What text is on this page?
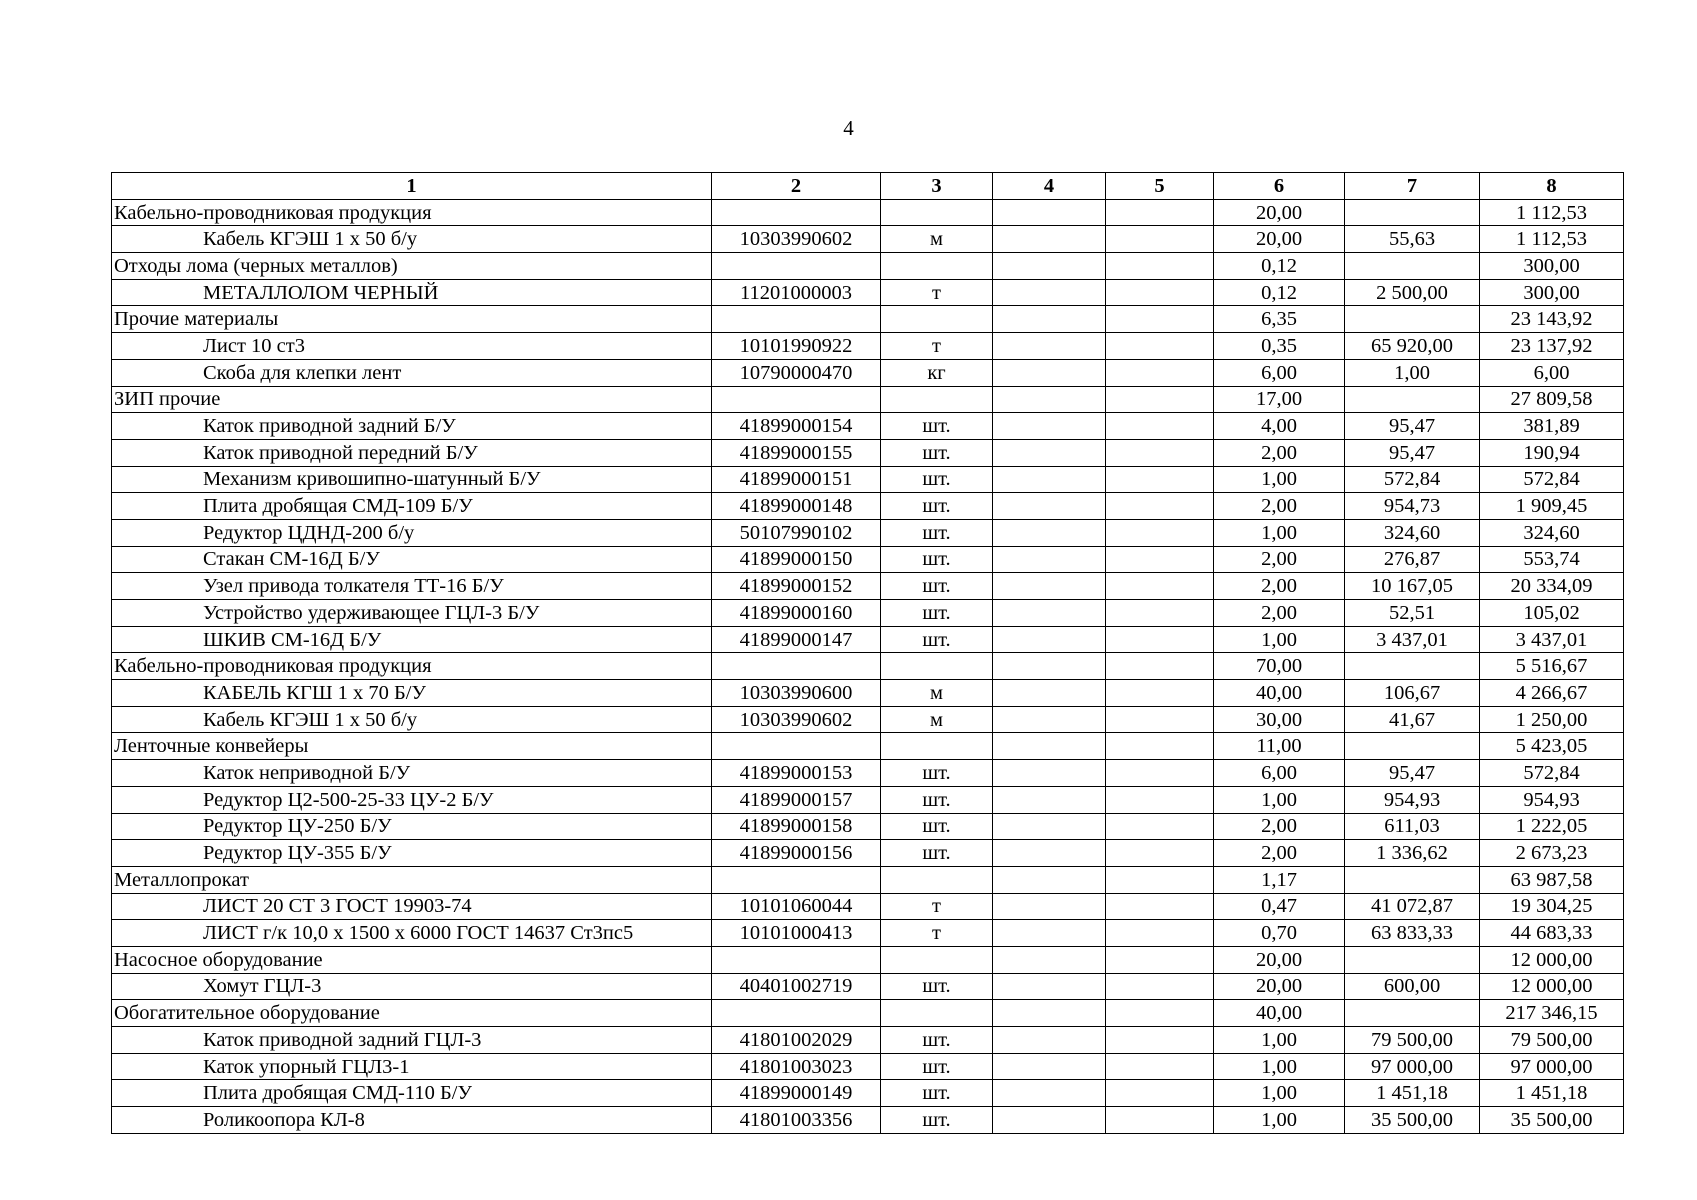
4
1	2	3	4	5	6	7	8
Кабельно-проводниковая продукция					20,00		1 112,53
Кабель КГЭШ 1 х 50 б/у	10303990602	м			20,00	55,63	1 112,53
Отходы лома (черных металлов)					0,12		300,00
МЕТАЛЛОЛОМ ЧЕРНЫЙ	11201000003	т			0,12	2 500,00	300,00
Прочие материалы					6,35		23 143,92
Лист 10 ст3	10101990922	т			0,35	65 920,00	23 137,92
Скоба для клепки лент	10790000470	кг			6,00	1,00	6,00
ЗИП прочие					17,00		27 809,58
Каток приводной задний Б/У	41899000154	шт.			4,00	95,47	381,89
Каток приводной передний Б/У	41899000155	шт.			2,00	95,47	190,94
Механизм кривошипно-шатунный Б/У	41899000151	шт.			1,00	572,84	572,84
Плита дробящая СМД-109 Б/У	41899000148	шт.			2,00	954,73	1 909,45
Редуктор ЦДНД-200 б/у	50107990102	шт.			1,00	324,60	324,60
Стакан СМ-16Д Б/У	41899000150	шт.			2,00	276,87	553,74
Узел привода толкателя ТТ-16 Б/У	41899000152	шт.			2,00	10 167,05	20 334,09
Устройство удерживающее ГЦЛ-3 Б/У	41899000160	шт.			2,00	52,51	105,02
ШКИВ СМ-16Д Б/У	41899000147	шт.			1,00	3 437,01	3 437,01
Кабельно-проводниковая продукция					70,00		5 516,67
КАБЕЛЬ КГШ 1 х 70 Б/У	10303990600	м			40,00	106,67	4 266,67
Кабель КГЭШ 1 х 50 б/у	10303990602	м			30,00	41,67	1 250,00
Ленточные конвейеры					11,00		5 423,05
Каток неприводной Б/У	41899000153	шт.			6,00	95,47	572,84
Редуктор Ц2-500-25-33 ЦУ-2 Б/У	41899000157	шт.			1,00	954,93	954,93
Редуктор ЦУ-250 Б/У	41899000158	шт.			2,00	611,03	1 222,05
Редуктор ЦУ-355 Б/У	41899000156	шт.			2,00	1 336,62	2 673,23
Металлопрокат					1,17		63 987,58
ЛИСТ 20 СТ 3 ГОСТ 19903-74	10101060044	т			0,47	41 072,87	19 304,25
ЛИСТ г/к 10,0 х 1500 х 6000 ГОСТ 14637 Ст3пс5	10101000413	т			0,70	63 833,33	44 683,33
Насосное оборудование					20,00		12 000,00
Хомут ГЦЛ-3	40401002719	шт.			20,00	600,00	12 000,00
Обогатительное оборудование					40,00		217 346,15
Каток приводной задний ГЦЛ-3	41801002029	шт.			1,00	79 500,00	79 500,00
Каток упорный ГЦЛ3-1	41801003023	шт.			1,00	97 000,00	97 000,00
Плита дробящая СМД-110 Б/У	41899000149	шт.			1,00	1 451,18	1 451,18
Роликоопора КЛ-8	41801003356	шт.			1,00	35 500,00	35 500,00
